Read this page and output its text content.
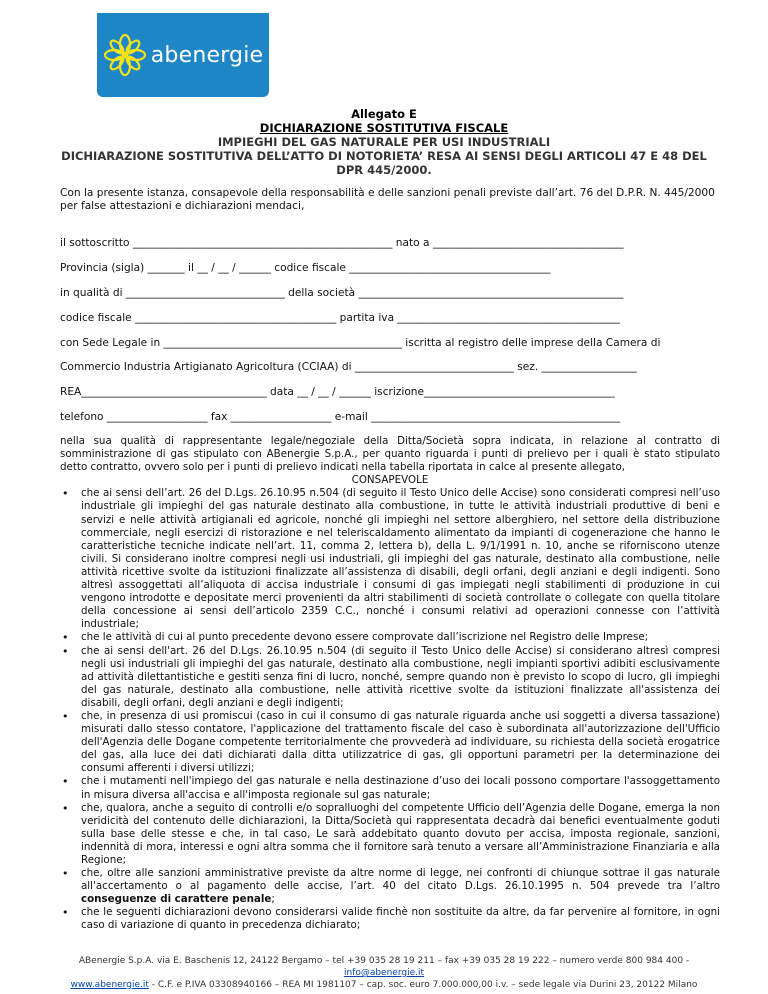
abenergie
Allegato E
DICHIARAZIONE SOSTITUTIVA FISCALE
IMPIEGHI DEL GAS NATURALE PER USI INDUSTRIALI
DICHIARAZIONE SOSTITUTIVA DELL’ATTO DI NOTORIETA’ RESA AI SENSI DEGLI ARTICOLI 47 E 48 DEL
DPR 445/2000.
Con la presente istanza, consapevole della responsabilità e delle sanzioni penali previste dall’art. 76 del D.P.R. N. 445/2000 per false attestazioni e dichiarazioni mendaci,
il sottoscritto _________________________________________________ nato a ____________________________________
Provincia (sigla) _______ il __ / __ / ______ codice fiscale ______________________________________
in qualità di ______________________________ della società __________________________________________________
codice fiscale ______________________________________ partita iva __________________________________________
con Sede Legale in _____________________________________________ iscritta al registro delle imprese della Camera di
Commercio Industria Artigianato Agricoltura (CCIAA) di ______________________________ sez. __________________
REA___________________________________ data __ / __ / ______ iscrizione____________________________________
telefono ___________________ fax ___________________ e-mail _______________________________________________

nella sua qualità di rappresentante legale/negoziale della Ditta/Società sopra indicata, in relazione al contratto di somministrazione di gas stipulato con ABenergie S.p.A., per quanto riguarda i punti di prelievo per i quali è stato stipulato detto contratto, ovvero solo per i punti di prelievo indicati nella tabella riportata in calce al presente allegato,

CONSAPEVOLE

• che ai sensi dell’art. 26 del D.Lgs. 26.10.95 n.504 (di seguito il Testo Unico delle Accise) sono considerati compresi nell’uso industriale gli impieghi del gas naturale destinato alla combustione, in tutte le attività industriali produttive di beni e servizi e nelle attività artigianali ed agricole, nonché gli impieghi nel settore alberghiero, nel settore della distribuzione commerciale, negli esercizi di ristorazione e nel teleriscaldamento alimentato da impianti di cogenerazione che hanno le caratteristiche tecniche indicate nell’art. 11, comma 2, lettera b), della L. 9/1/1991 n. 10, anche se riforniscono utenze civili. Si considerano inoltre compresi negli usi industriali, gli impieghi del gas naturale, destinato alla combustione, nelle attività ricettive svolte da istituzioni finalizzate all’assistenza di disabili, degli orfani, degli anziani e degli indigenti. Sono altresì assoggettati all’aliquota di accisa industriale i consumi di gas impiegati negli stabilimenti di produzione in cui vengono introdotte e depositate merci provenienti da altri stabilimenti di società controllate o collegate con quella titolare della concessione ai sensi dell’articolo 2359 C.C., nonché i consumi relativi ad operazioni connesse con l’attività industriale;
• che le attività di cui al punto precedente devono essere comprovate dall’iscrizione nel Registro delle Imprese;
• che ai sensi dell'art. 26 del D.Lgs. 26.10.95 n.504 (di seguito il Testo Unico delle Accise) si considerano altresì compresi negli usi industriali gli impieghi del gas naturale, destinato alla combustione, negli impianti sportivi adibiti esclusivamente ad attività dilettantistiche e gestiti senza fini di lucro, nonché, sempre quando non è previsto lo scopo di lucro, gli impieghi del gas naturale, destinato alla combustione, nelle attività ricettive svolte da istituzioni finalizzate all'assistenza dei disabili, degli orfani, degli anziani e degli indigenti;
• che, in presenza di usi promiscui (caso in cui il consumo di gas naturale riguarda anche usi soggetti a diversa tassazione) misurati dallo stesso contatore, l'applicazione del trattamento fiscale del caso è subordinata all'autorizzazione dell'Ufficio dell'Agenzia delle Dogane competente territorialmente che provvederà ad individuare, su richiesta della società erogatrice del gas, alla luce dei dati dichiarati dalla ditta utilizzatrice di gas, gli opportuni parametri per la determinazione dei consumi afferenti i diversi utilizzi;
• che i mutamenti nell'impiego del gas naturale e nella destinazione d’uso dei locali possono comportare l'assoggettamento in misura diversa all'accisa e all'imposta regionale sul gas naturale;
• che, qualora, anche a seguito di controlli e/o sopralluoghi del competente Ufficio dell’Agenzia delle Dogane, emerga la non veridicità del contenuto delle dichiarazioni, la Ditta/Società qui rappresentata decadrà dai benefici eventualmente goduti sulla base delle stesse e che, in tal caso, Le sarà addebitato quanto dovuto per accisa, imposta regionale, sanzioni, indennità di mora, interessi e ogni altra somma che il fornitore sarà tenuto a versare all’Amministrazione Finanziaria e alla Regione;
• che, oltre alle sanzioni amministrative previste da altre norme di legge, nei confronti di chiunque sottrae il gas naturale all'accertamento o al pagamento delle accise, l’art. 40 del citato D.Lgs. 26.10.1995 n. 504 prevede tra l’altro conseguenze di carattere penale;
• che le seguenti dichiarazioni devono considerarsi valide finchè non sostituite da altre, da far pervenire al fornitore, in ogni caso di variazione di quanto in precedenza dichiarato;
ABenergie S.p.A. via E. Baschenis 12, 24122 Bergamo – tel +39 035 28 19 211 – fax +39 035 28 19 222 – numero verde 800 984 400 - info@abenergie.it
www.abenergie.it - C.F. e P.IVA 03308940166 – REA MI 1981107 – cap. soc. euro 7.000.000,00 i.v. – sede legale via Durini 23, 20122 Milano
